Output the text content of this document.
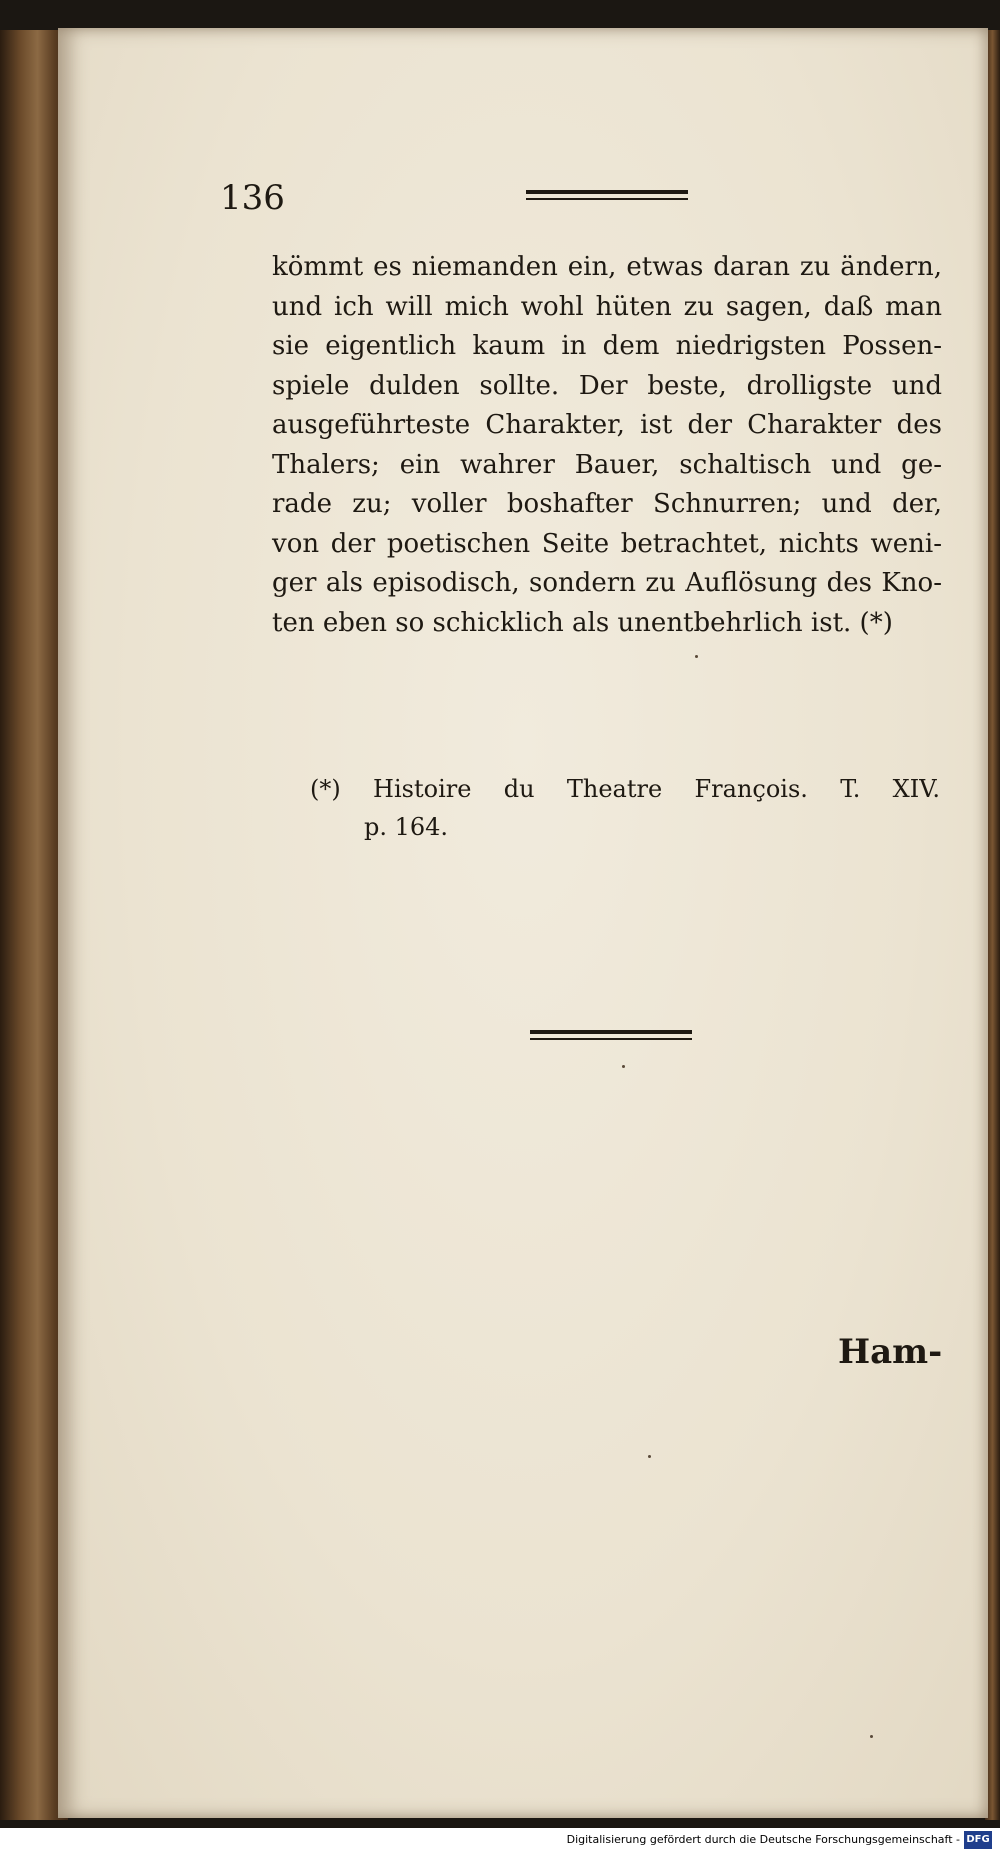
136
kömmt es niemanden ein, etwas daran zu ändern,
und ich will mich wohl hüten zu sagen, daß man
sie eigentlich kaum in dem niedrigsten Possen-
spiele dulden sollte. Der beste, drolligste und
ausgeführteste Charakter, ist der Charakter des
Thalers; ein wahrer Bauer, schaltisch und ge-
rade zu; voller boshafter Schnurren; und der,
von der poetischen Seite betrachtet, nichts weni-
ger als episodisch, sondern zu Auflösung des Kno-
ten eben so schicklich als unentbehrlich ist. (*)
(*) Histoire du Theatre François. T. XIV.
p. 164.
Ham-
Digitalisierung gefördert durch die Deutsche Forschungsgemeinschaft - DFG
